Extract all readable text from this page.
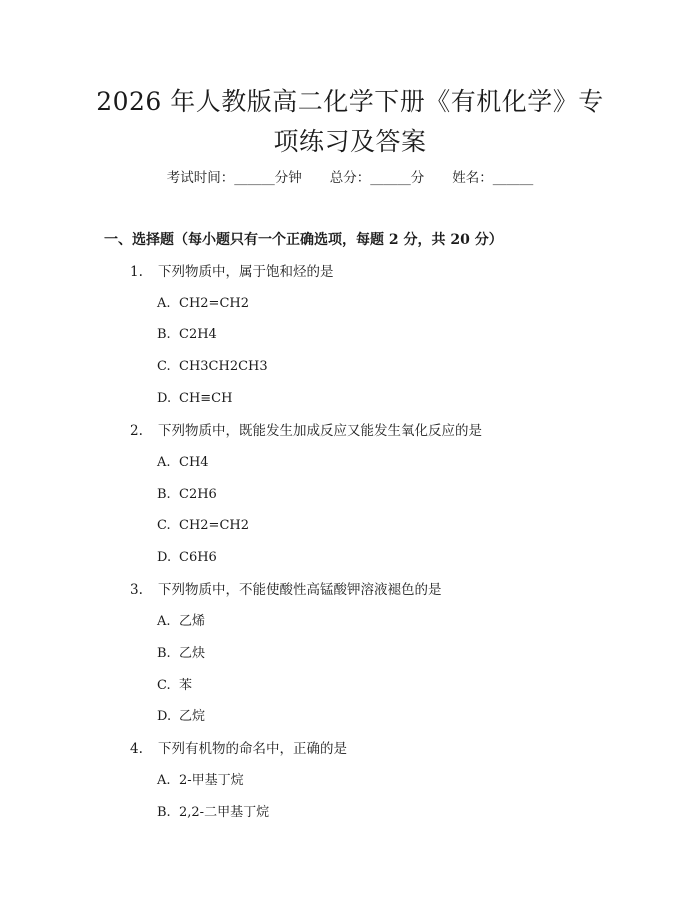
2026 年人教版高二化学下册《有机化学》专
项练习及答案
考试时间：______分钟 总分：______分 姓名：______
一、选择题（每小题只有一个正确选项，每题 2 分，共 20 分）
1. 下列物质中，属于饱和烃的是
A. CH2=CH2
B. C2H4
C. CH3CH2CH3
D. CH≡CH
2. 下列物质中，既能发生加成反应又能发生氧化反应的是
A. CH4
B. C2H6
C. CH2=CH2
D. C6H6
3. 下列物质中，不能使酸性高锰酸钾溶液褪色的是
A. 乙烯
B. 乙炔
C. 苯
D. 乙烷
4. 下列有机物的命名中，正确的是
A. 2-甲基丁烷
B. 2,2-二甲基丁烷
